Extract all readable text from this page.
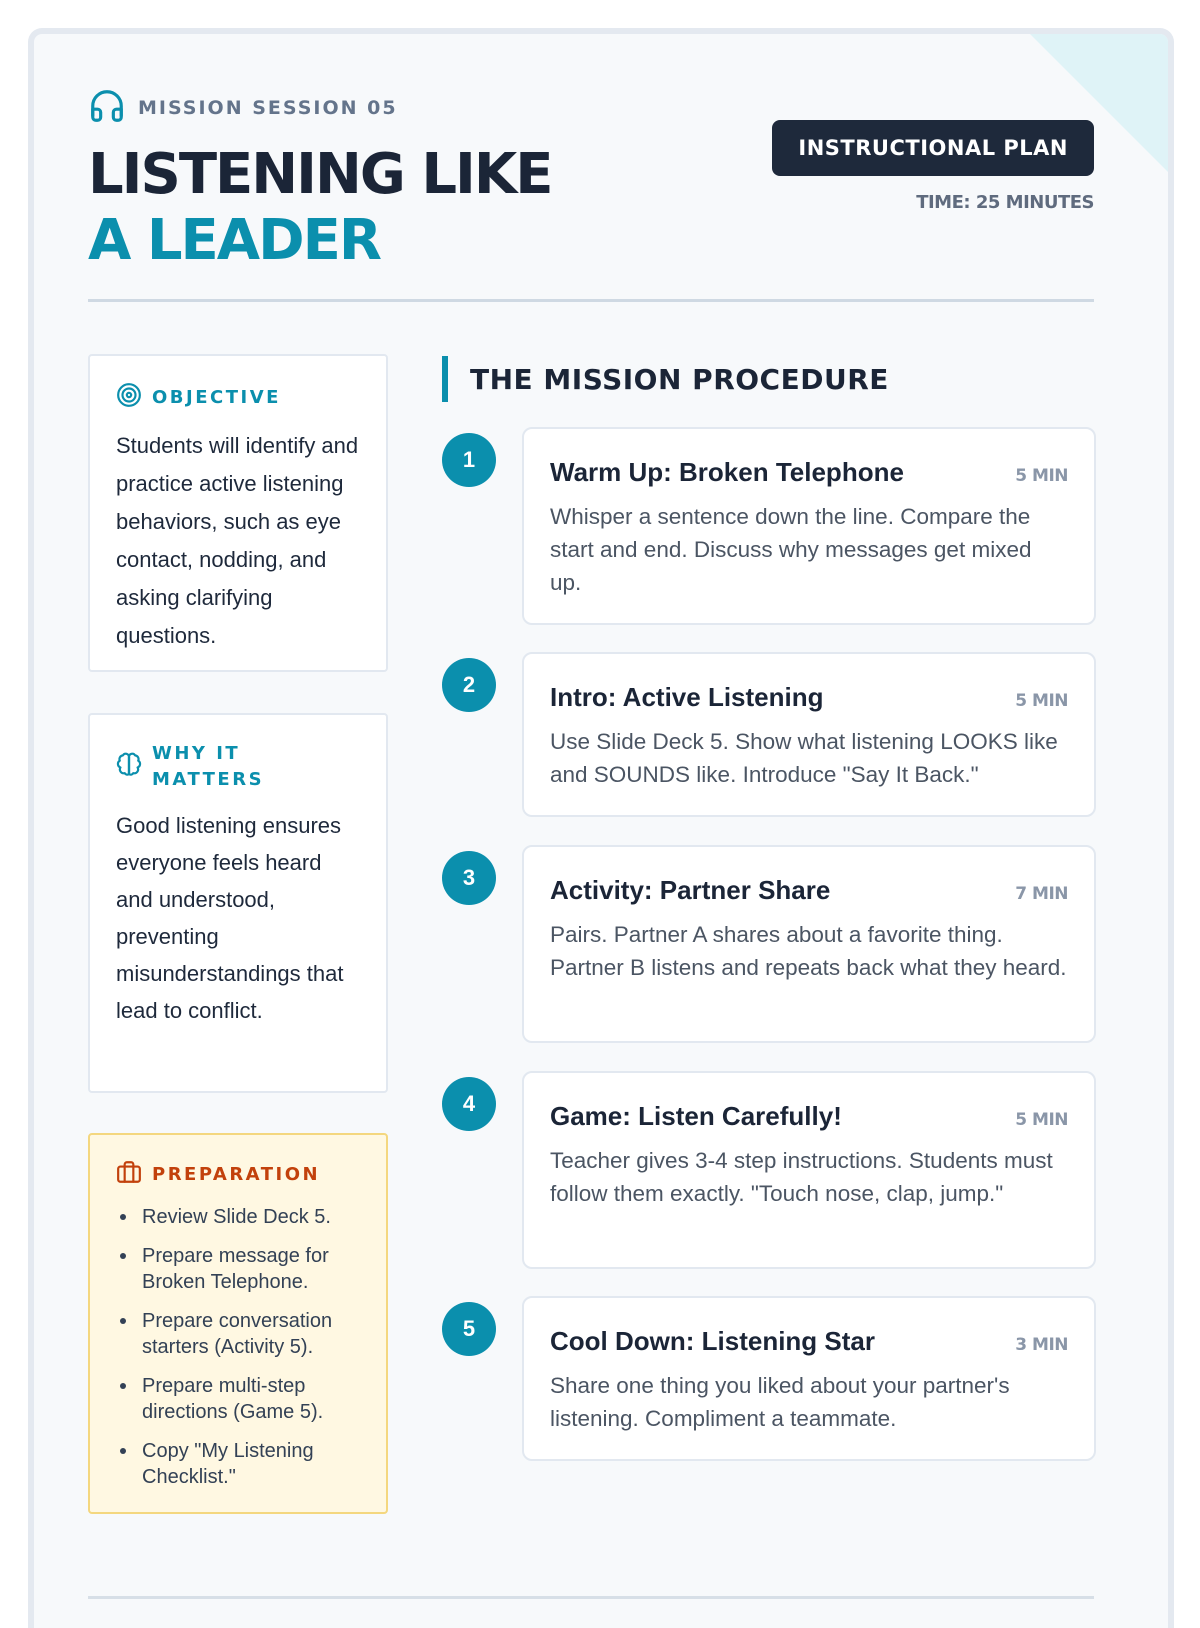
MISSION SESSION 05
LISTENING LIKE
A LEADER
INSTRUCTIONAL PLAN
TIME: 25 MINUTES
OBJECTIVE

Students will identify and practice active listening behaviors, such as eye contact, nodding, and asking clarifying questions.

WHY IT MATTERS

Good listening ensures everyone feels heard and understood, preventing misunderstandings that lead to conflict.

PREPARATION
Review Slide Deck 5.
Prepare message for Broken Telephone.
Prepare conversation starters (Activity 5).
Prepare multi-step directions (Game 5).
Copy "My Listening Checklist."
THE MISSION PROCEDURE
1	Warm Up: Broken Telephone	5 MIN

Whisper a sentence down the line. Compare the start and end. Discuss why messages get mixed up.

2	Intro: Active Listening	5 MIN

Use Slide Deck 5. Show what listening LOOKS like and SOUNDS like. Introduce "Say It Back."

3	Activity: Partner Share	7 MIN

Pairs. Partner A shares about a favorite thing. Partner B listens and repeats back what they heard.

4	Game: Listen Carefully!	5 MIN

Teacher gives 3-4 step instructions. Students must follow them exactly. "Touch nose, clap, jump."

5	Cool Down: Listening Star	3 MIN

Share one thing you liked about your partner's listening. Compliment a teammate.
